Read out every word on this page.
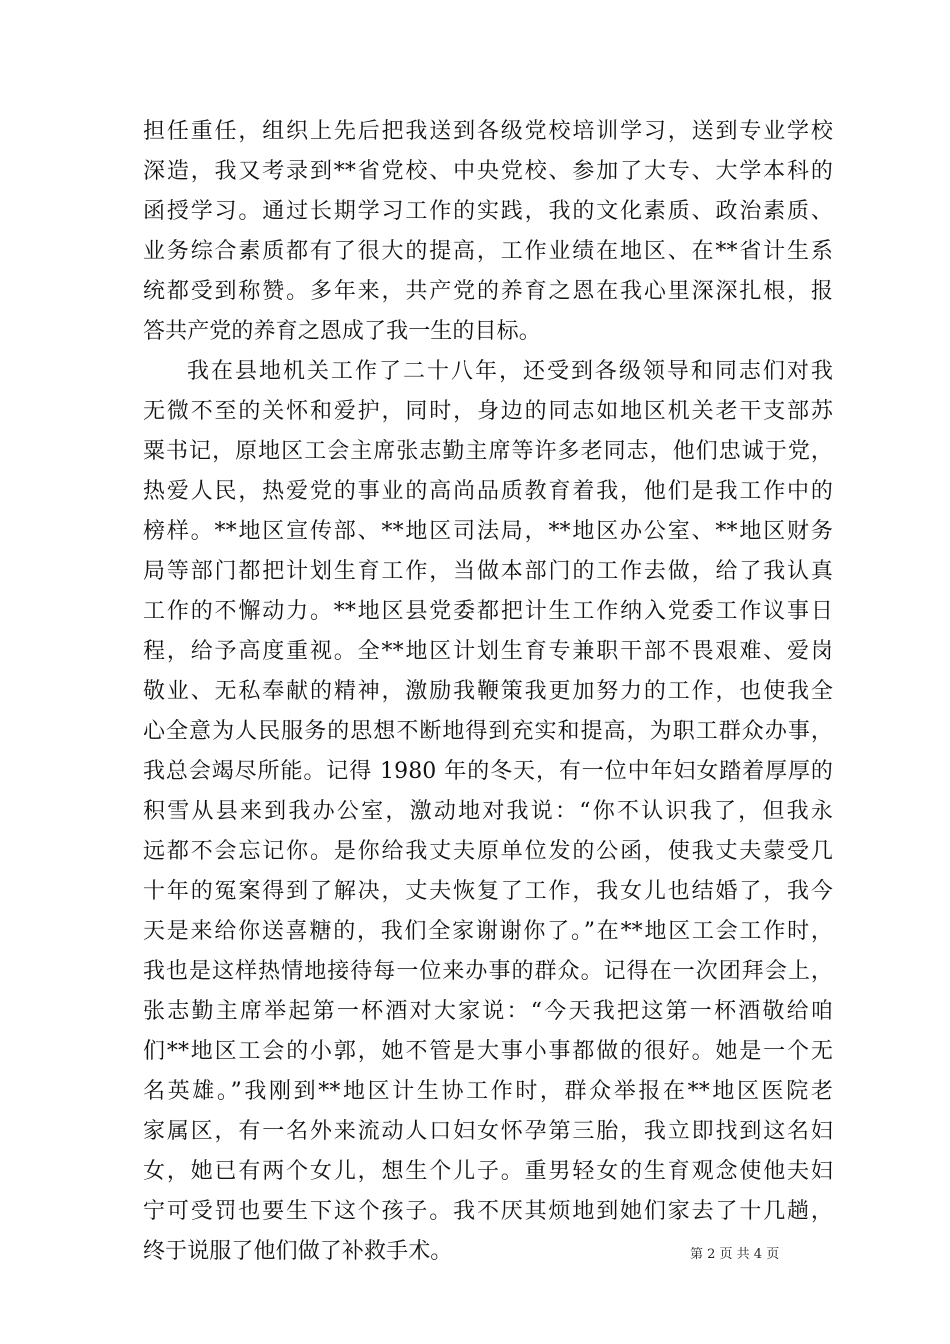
担任重任，组织上先后把我送到各级党校培训学习，送到专业学校
深造，我又考录到**省党校、中央党校、参加了大专、大学本科的
函授学习。通过长期学习工作的实践，我的文化素质、政治素质、
业务综合素质都有了很大的提高，工作业绩在地区、在**省计生系
统都受到称赞。多年来，共产党的养育之恩在我心里深深扎根，报
答共产党的养育之恩成了我一生的目标。
我在县地机关工作了二十八年，还受到各级领导和同志们对我
无微不至的关怀和爱护，同时，身边的同志如地区机关老干支部苏
粟书记，原地区工会主席张志勤主席等许多老同志，他们忠诚于党，
热爱人民，热爱党的事业的高尚品质教育着我，他们是我工作中的
榜样。**地区宣传部、**地区司法局，**地区办公室、**地区财务
局等部门都把计划生育工作，当做本部门的工作去做，给了我认真
工作的不懈动力。**地区县党委都把计生工作纳入党委工作议事日
程，给予高度重视。全**地区计划生育专兼职干部不畏艰难、爱岗
敬业、无私奉献的精神，激励我鞭策我更加努力的工作，也使我全
心全意为人民服务的思想不断地得到充实和提高，为职工群众办事，
我总会竭尽所能。记得 1980 年的冬天，有一位中年妇女踏着厚厚的
积雪从县来到我办公室，激动地对我说：“你不认识我了，但我永
远都不会忘记你。是你给我丈夫原单位发的公函，使我丈夫蒙受几
十年的冤案得到了解决，丈夫恢复了工作，我女儿也结婚了，我今
天是来给你送喜糖的，我们全家谢谢你了。”在**地区工会工作时，
我也是这样热情地接待每一位来办事的群众。记得在一次团拜会上，
张志勤主席举起第一杯酒对大家说：“今天我把这第一杯酒敬给咱
们**地区工会的小郭，她不管是大事小事都做的很好。她是一个无
名英雄。”我刚到**地区计生协工作时，群众举报在**地区医院老
家属区，有一名外来流动人口妇女怀孕第三胎，我立即找到这名妇
女，她已有两个女儿，想生个儿子。重男轻女的生育观念使他夫妇
宁可受罚也要生下这个孩子。我不厌其烦地到她们家去了十几趟，
终于说服了他们做了补救手术。	第 2 页 共 4 页
